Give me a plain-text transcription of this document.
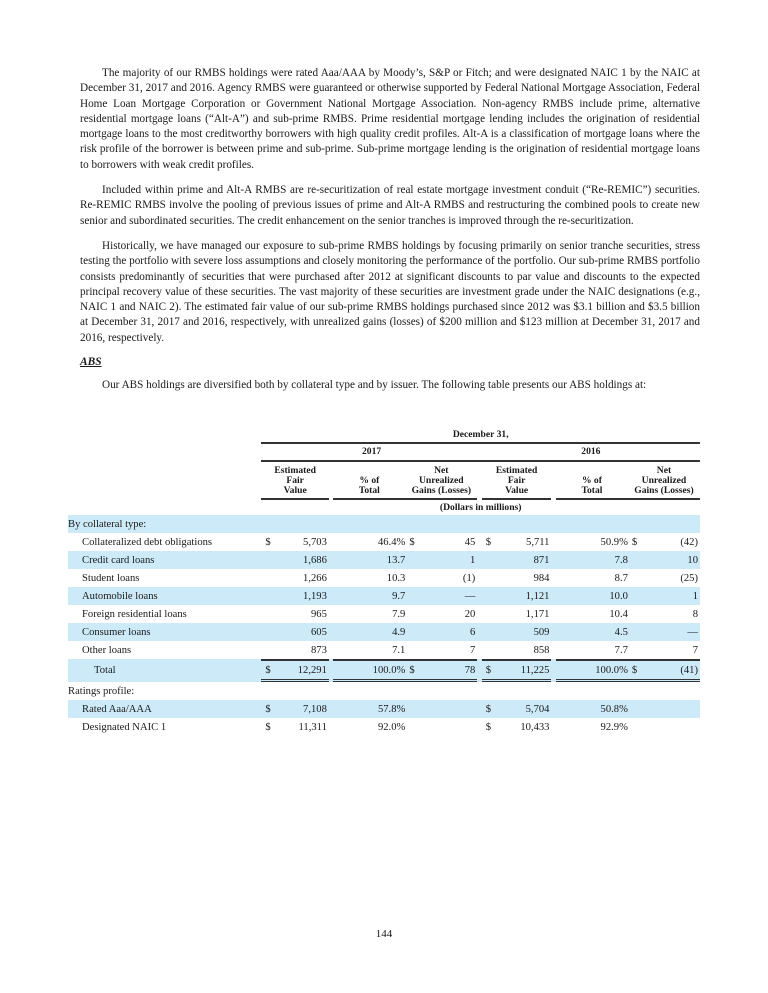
The majority of our RMBS holdings were rated Aaa/AAA by Moody’s, S&P or Fitch; and were designated NAIC 1 by the NAIC at December 31, 2017 and 2016. Agency RMBS were guaranteed or otherwise supported by Federal National Mortgage Association, Federal Home Loan Mortgage Corporation or Government National Mortgage Association. Non-agency RMBS include prime, alternative residential mortgage loans (“Alt-A”) and sub-prime RMBS. Prime residential mortgage lending includes the origination of residential mortgage loans to the most creditworthy borrowers with high quality credit profiles. Alt-A is a classification of mortgage loans where the risk profile of the borrower is between prime and sub-prime. Sub-prime mortgage lending is the origination of residential mortgage loans to borrowers with weak credit profiles.

Included within prime and Alt-A RMBS are re-securitization of real estate mortgage investment conduit (“Re-REMIC”) securities. Re-REMIC RMBS involve the pooling of previous issues of prime and Alt-A RMBS and restructuring the combined pools to create new senior and subordinated securities. The credit enhancement on the senior tranches is improved through the re-securitization.

Historically, we have managed our exposure to sub-prime RMBS holdings by focusing primarily on senior tranche securities, stress testing the portfolio with severe loss assumptions and closely monitoring the performance of the portfolio. Our sub-prime RMBS portfolio consists predominantly of securities that were purchased after 2012 at significant discounts to par value and discounts to the expected principal recovery value of these securities. The vast majority of these securities are investment grade under the NAIC designations (e.g., NAIC 1 and NAIC 2). The estimated fair value of our sub-prime RMBS holdings purchased since 2012 was $3.1 billion and $3.5 billion at December 31, 2017 and 2016, respectively, with unrealized gains (losses) of $200 million and $123 million at December 31, 2017 and 2016, respectively.

ABS

Our ABS holdings are diversified both by collateral type and by issuer. The following table presents our ABS holdings at:

	December 31,												
	2017							2016					

Estimated
Fair
Value

% of
Total

Net
Unrealized
Gains (Losses)

Estimated
Fair
Value

% of
Total

Net
Unrealized
Gains (Losses)

	(Dollars in millions)												
By collateral type:													
Collateralized debt obligations	$	5,703		46.4%	$	45		$	5,711		50.9%	$	(42)
Credit card loans		1,686		13.7		1			871		7.8		10
Student loans		1,266		10.3		(1)			984		8.7		(25)
Automobile loans		1,193		9.7		—			1,121		10.0		1
Foreign residential loans		965		7.9		20			1,171		10.4		8
Consumer loans		605		4.9		6			509		4.5		—
Other loans		873		7.1		7			858		7.7		7
Total	$	12,291		100.0%	$	78		$	11,225		100.0%	$	(41)
Ratings profile:													
Rated Aaa/AAA	$	7,108		57.8%				$	5,704		50.8%		
Designated NAIC 1	$	11,311		92.0%				$	10,433		92.9%		
144
